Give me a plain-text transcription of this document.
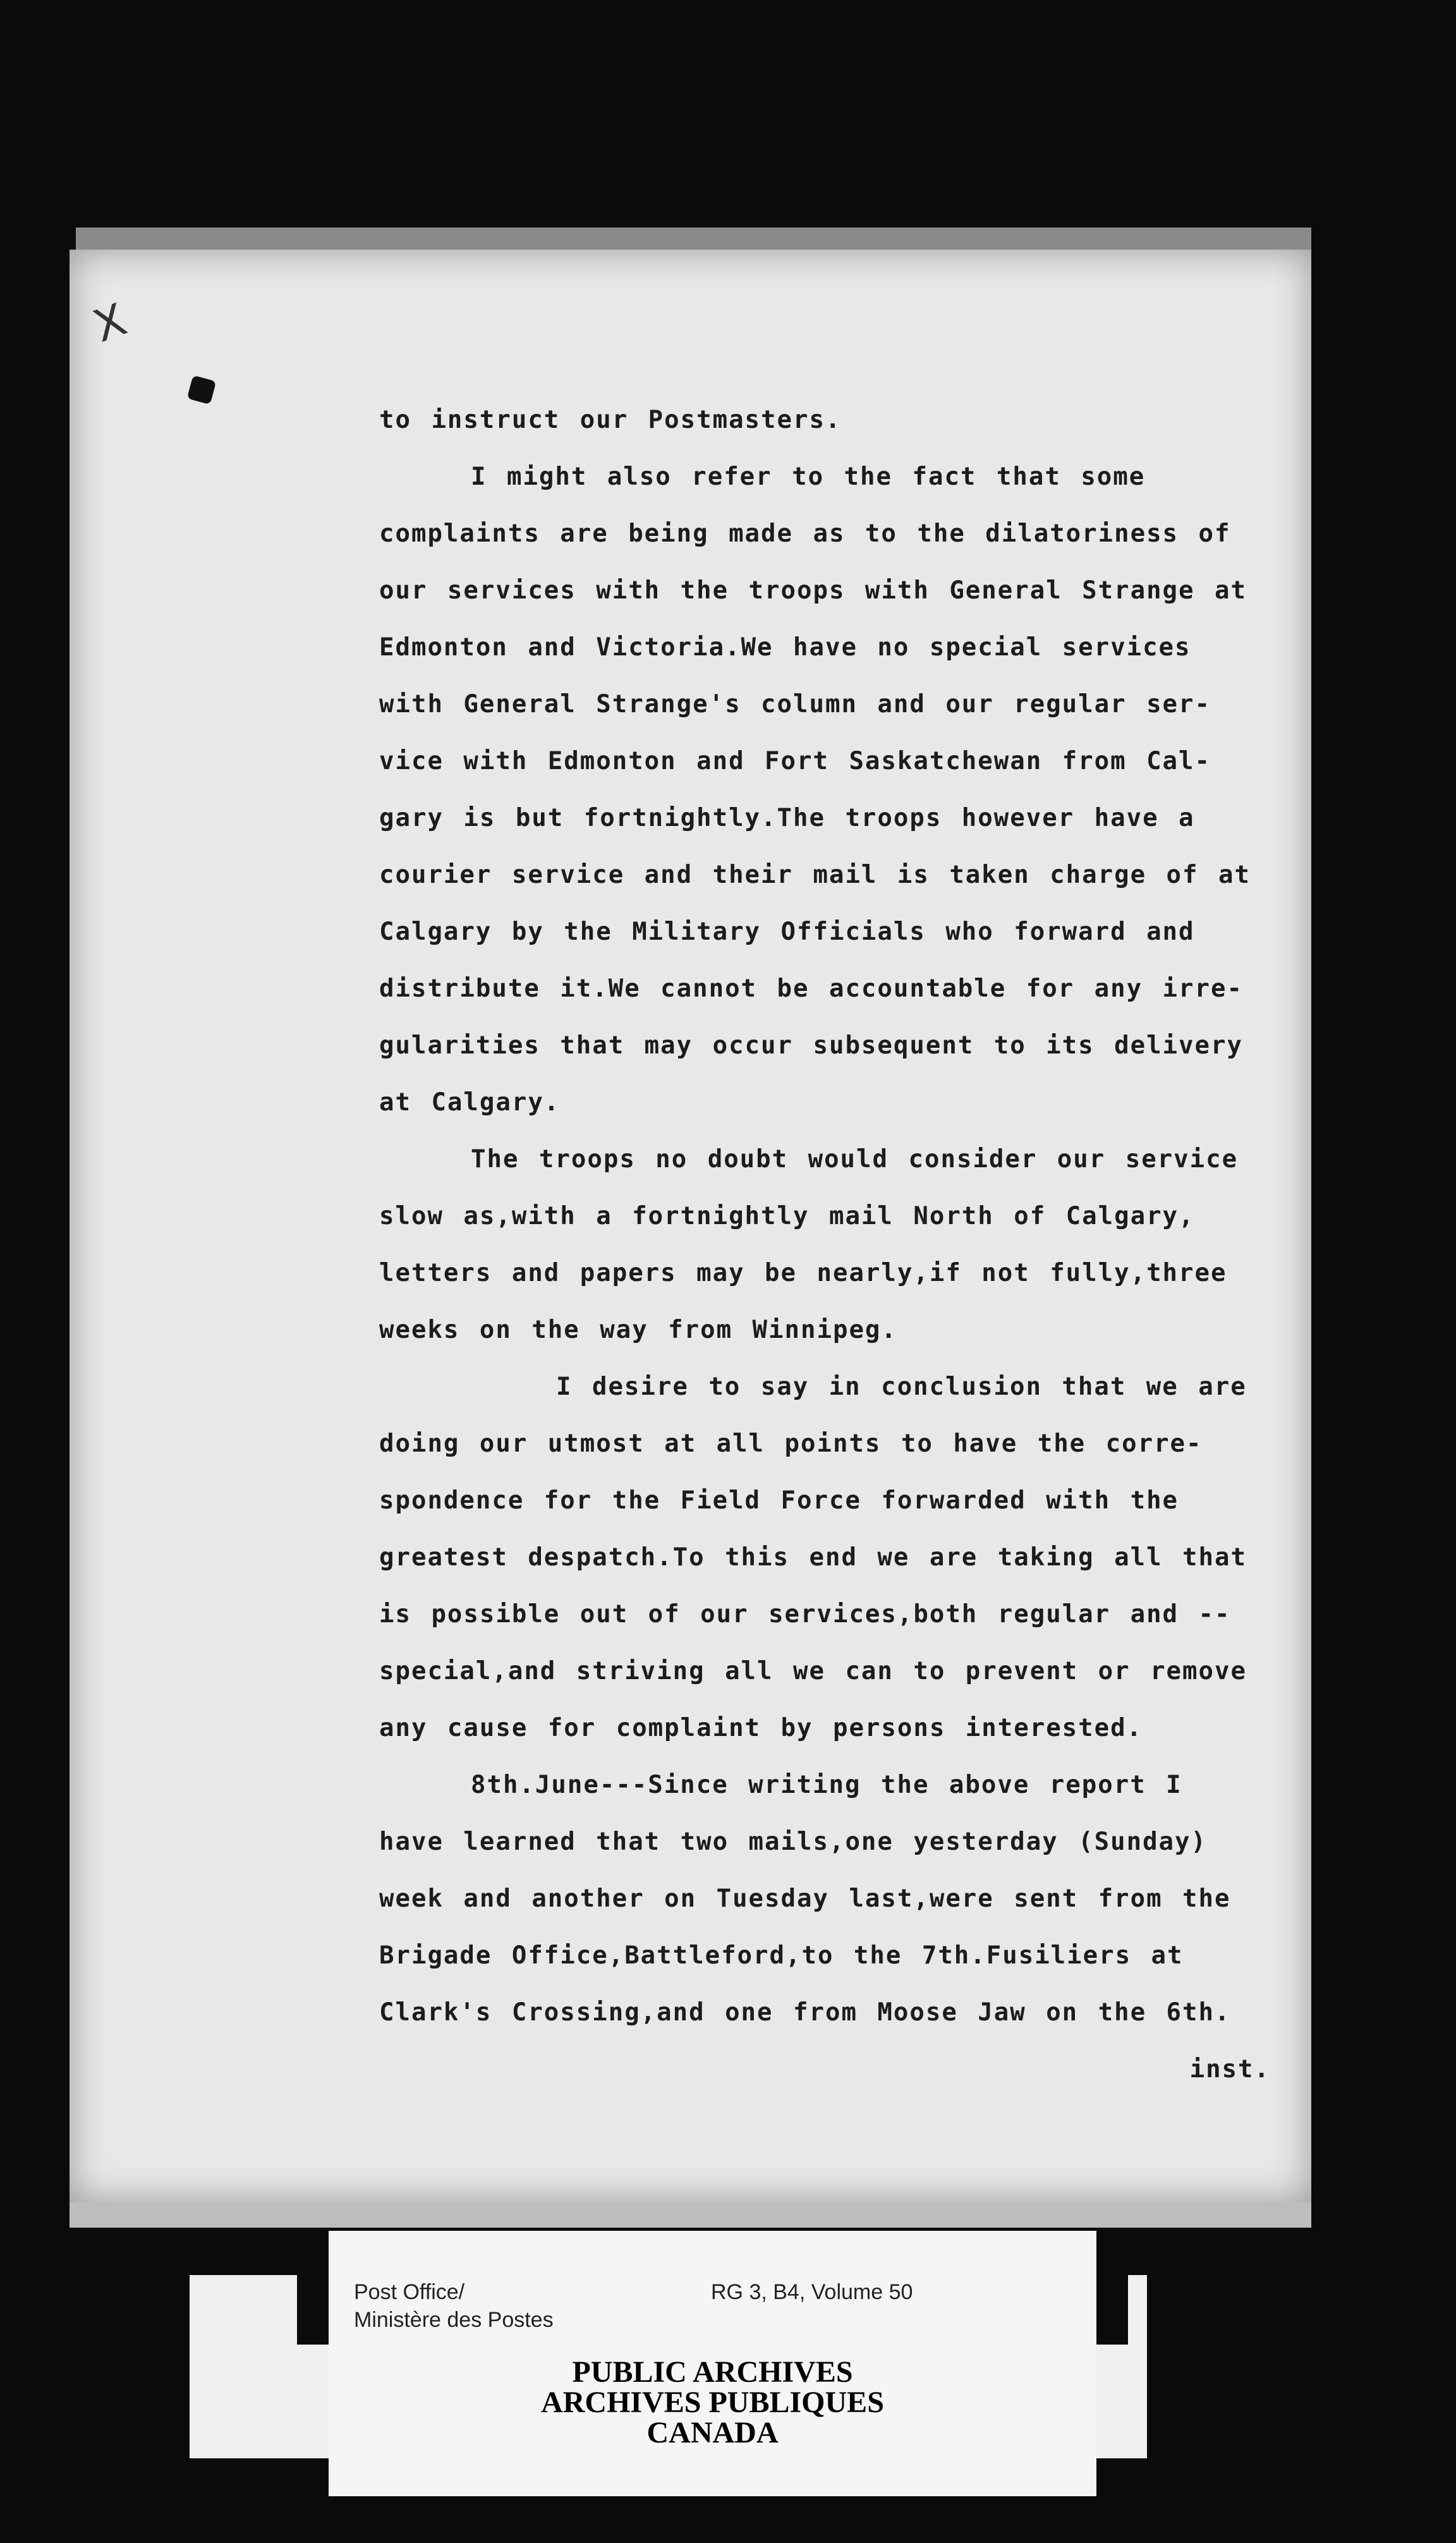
X
to instruct our Postmasters.
I might also refer to the fact that some
complaints are being made as to the dilatoriness of
our services with the troops with General Strange at
Edmonton and Victoria.We have no special services
with General Strange's column and our regular ser-
vice with Edmonton and Fort Saskatchewan from Cal-
gary is but fortnightly.The troops however have a
courier service and their mail is taken charge of at
Calgary by the Military Officials who forward and
distribute it.We cannot be accountable for any irre-
gularities that may occur subsequent to its delivery
at Calgary.
The troops no doubt would consider our service
slow as,with a fortnightly mail North of Calgary,
letters and papers may be nearly,if not fully,three
weeks on the way from Winnipeg.
I desire to say in conclusion that we are
doing our utmost at all points to have the corre-
spondence for the Field Force forwarded with the
greatest despatch.To this end we are taking all that
is possible out of our services,both regular and --
special,and striving all we can to prevent or remove
any cause for complaint by persons interested.
8th.June---Since writing the above report I
have learned that two mails,one yesterday (Sunday)
week and another on Tuesday last,were sent from the
Brigade Office,Battleford,to the 7th.Fusiliers at
Clark's Crossing,and one from Moose Jaw on the 6th.
inst.
Post Office/
Ministère des Postes
RG 3, B4, Volume 50
PUBLIC ARCHIVES
ARCHIVES PUBLIQUES
CANADA
